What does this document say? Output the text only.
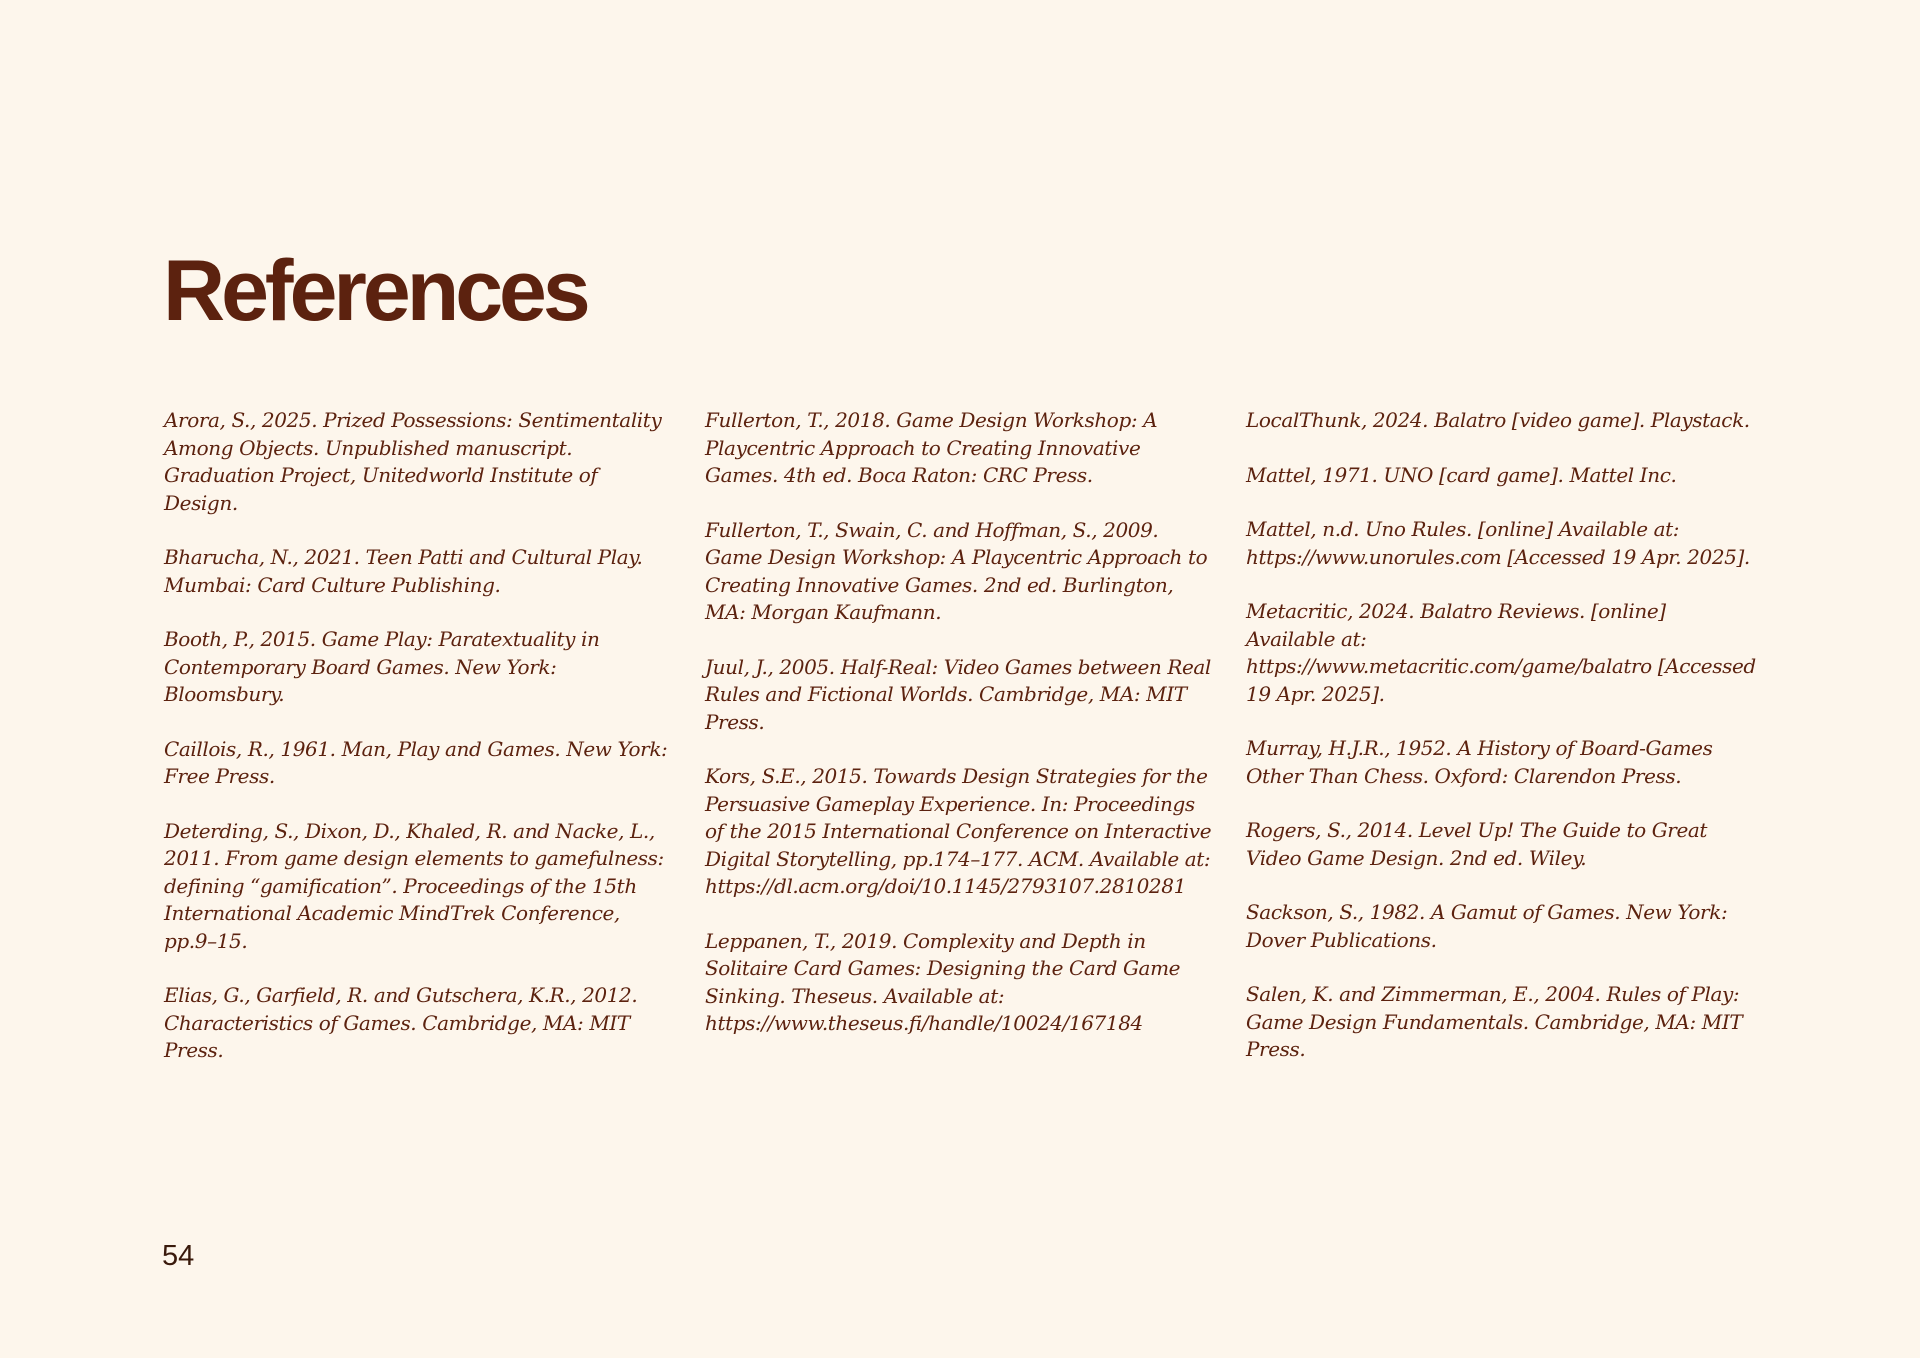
References

Arora, S., 2025. Prized Possessions: Sentimentality Among Objects. Unpublished manuscript. Graduation Project, Unitedworld Institute of Design.

Bharucha, N., 2021. Teen Patti and Cultural Play. Mumbai: Card Culture Publishing.

Booth, P., 2015. Game Play: Paratextuality in Contemporary Board Games. New York: Bloomsbury.

Caillois, R., 1961. Man, Play and Games. New York: Free Press.

Deterding, S., Dixon, D., Khaled, R. and Nacke, L., 2011. From game design elements to gamefulness: defining “gamification”. Proceedings of the 15th International Academic MindTrek Conference, pp.9–15.

Elias, G., Garfield, R. and Gutschera, K.R., 2012. Characteristics of Games. Cambridge, MA: MIT Press.

Fullerton, T., 2018. Game Design Workshop: A Playcentric Approach to Creating Innovative Games. 4th ed. Boca Raton: CRC Press.

Fullerton, T., Swain, C. and Hoffman, S., 2009. Game Design Workshop: A Playcentric Approach to Creating Innovative Games. 2nd ed. Burlington, MA: Morgan Kaufmann.

Juul, J., 2005. Half-Real: Video Games between Real Rules and Fictional Worlds. Cambridge, MA: MIT Press.

Kors, S.E., 2015. Towards Design Strategies for the Persuasive Gameplay Experience. In: Proceedings of the 2015 International Conference on Interactive Digital Storytelling, pp.174–177. ACM. Available at: https://dl.acm.org/doi/10.1145/2793107.2810281

Leppanen, T., 2019. Complexity and Depth in Solitaire Card Games: Designing the Card Game Sinking. Theseus. Available at: https://www.theseus.fi/handle/10024/167184

LocalThunk, 2024. Balatro [video game]. Playstack.

Mattel, 1971. UNO [card game]. Mattel Inc.

Mattel, n.d. Uno Rules. [online] Available at: https://www.unorules.com [Accessed 19 Apr. 2025].

Metacritic, 2024. Balatro Reviews. [online] Available at: https://www.metacritic.com/game/balatro [Accessed 19 Apr. 2025].

Murray, H.J.R., 1952. A History of Board-Games Other Than Chess. Oxford: Clarendon Press.

Rogers, S., 2014. Level Up! The Guide to Great Video Game Design. 2nd ed. Wiley.

Sackson, S., 1982. A Gamut of Games. New York: Dover Publications.

Salen, K. and Zimmerman, E., 2004. Rules of Play: Game Design Fundamentals. Cambridge, MA: MIT Press.

54
